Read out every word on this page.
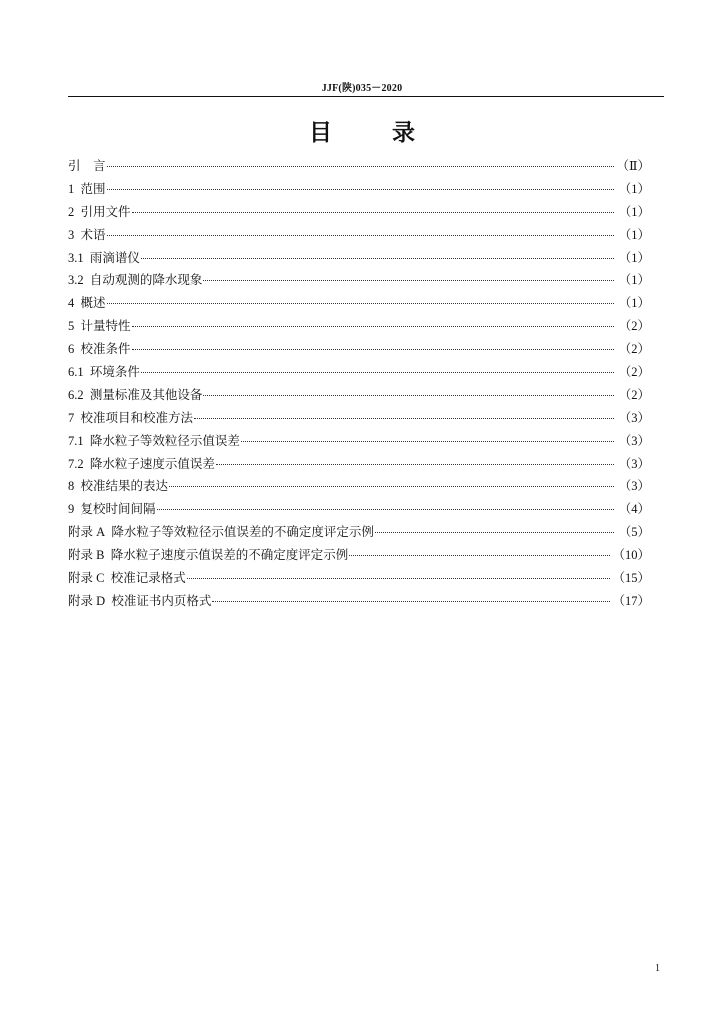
JJF(陕)035－2020
目录
引　言	（Ⅱ）
1  范围	（1）
2  引用文件	（1）
3  术语	（1）
3.1  雨滴谱仪	（1）
3.2  自动观测的降水现象	（1）
4  概述	（1）
5  计量特性	（2）
6  校准条件	（2）
6.1  环境条件	（2）
6.2  测量标准及其他设备	（2）
7  校准项目和校准方法	（3）
7.1  降水粒子等效粒径示值误差	（3）
7.2  降水粒子速度示值误差	（3）
8  校准结果的表达	（3）
9  复校时间间隔	（4）
附录 A  降水粒子等效粒径示值误差的不确定度评定示例	（5）
附录 B  降水粒子速度示值误差的不确定度评定示例	（10）
附录 C  校准记录格式	（15）
附录 D  校准证书内页格式	（17）
1
